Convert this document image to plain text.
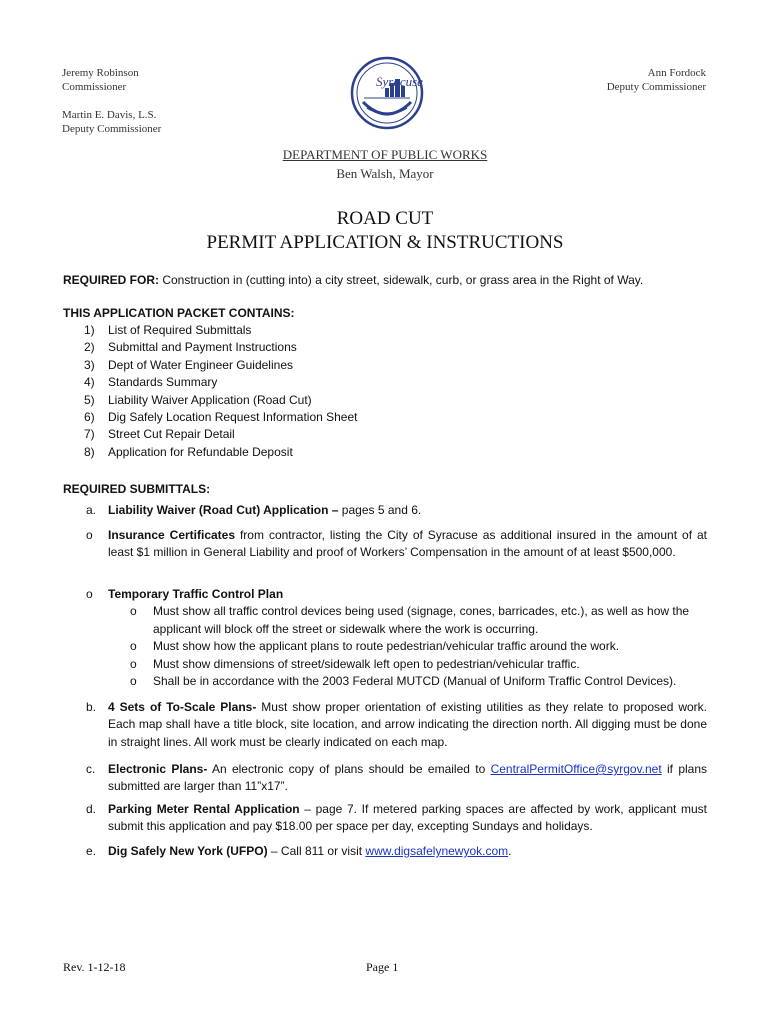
Jeremy Robinson
Commissioner
Martin E. Davis, L.S.
Deputy Commissioner
Ann Fordock
Deputy Commissioner
Syracuse
DEPARTMENT OF PUBLIC WORKS
Ben Walsh, Mayor
ROAD CUT
PERMIT APPLICATION & INSTRUCTIONS
REQUIRED FOR: Construction in (cutting into) a city street, sidewalk, curb, or grass area in the Right of Way.
THIS APPLICATION PACKET CONTAINS:
1)	List of Required Submittals
2)	Submittal and Payment Instructions
3)	Dept of Water Engineer Guidelines
4)	Standards Summary
5)	Liability Waiver Application (Road Cut)
6)	Dig Safely Location Request Information Sheet
7)	Street Cut Repair Detail
8)	Application for Refundable Deposit
REQUIRED SUBMITTALS:
a. Liability Waiver (Road Cut) Application – pages 5 and 6.
o Insurance Certificates from contractor, listing the City of Syracuse as additional insured in the amount of at least $1 million in General Liability and proof of Workers’ Compensation in the amount of at least $500,000.
o Temporary Traffic Control Plan
o Must show all traffic control devices being used (signage, cones, barricades, etc.), as well as how the applicant will block off the street or sidewalk where the work is occurring.
o Must show how the applicant plans to route pedestrian/vehicular traffic around the work.
o Must show dimensions of street/sidewalk left open to pedestrian/vehicular traffic.
o Shall be in accordance with the 2003 Federal MUTCD (Manual of Uniform Traffic Control Devices).
b. 4 Sets of To-Scale Plans- Must show proper orientation of existing utilities as they relate to proposed work. Each map shall have a title block, site location, and arrow indicating the direction north. All digging must be done in straight lines. All work must be clearly indicated on each map.
c. Electronic Plans- An electronic copy of plans should be emailed to CentralPermitOffice@syrgov.net if plans submitted are larger than 11”x17”.
d. Parking Meter Rental Application – page 7. If metered parking spaces are affected by work, applicant must submit this application and pay $18.00 per space per day, excepting Sundays and holidays.
e. Dig Safely New York (UFPO) – Call 811 or visit www.digsafelynewyok.com.
Rev. 1-12-18	Page 1
